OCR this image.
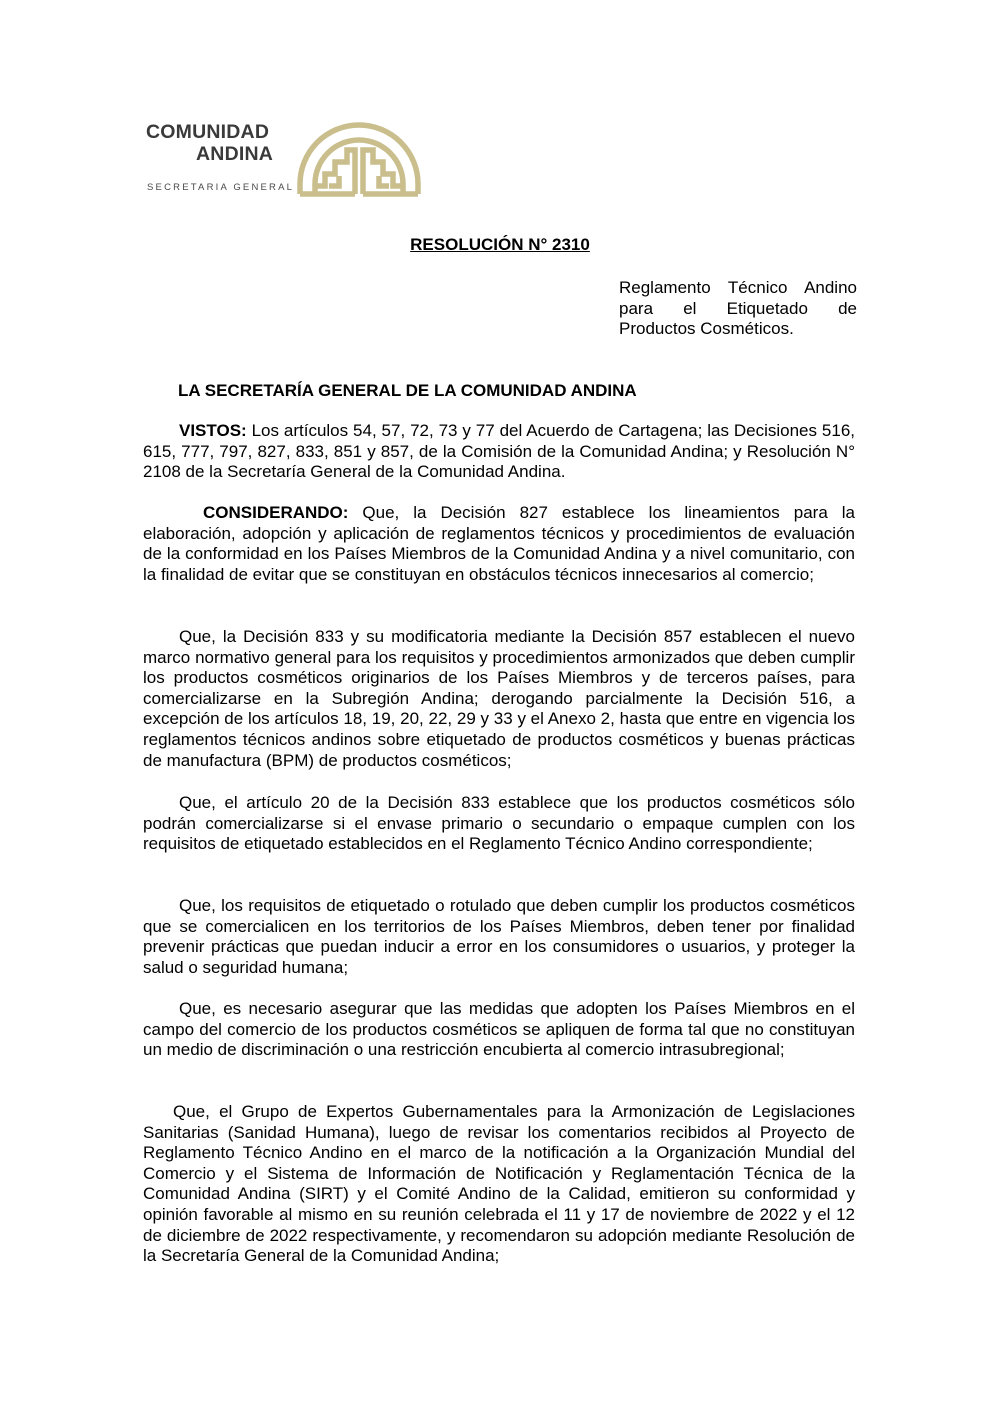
COMUNIDAD
ANDINA
SECRETARIA GENERAL
RESOLUCIÓN N° 2310
Reglamento Técnico Andino
para el Etiquetado de
Productos Cosméticos.
LA SECRETARÍA GENERAL DE LA COMUNIDAD ANDINA

VISTOS: Los artículos 54, 57, 72, 73 y 77 del Acuerdo de Cartagena; las Decisiones 516, 615, 777, 797, 827, 833, 851 y 857, de la Comisión de la Comunidad Andina; y Resolución N° 2108 de la Secretaría General de la Comunidad Andina.

CONSIDERANDO: Que, la Decisión 827 establece los lineamientos para la elaboración, adopción y aplicación de reglamentos técnicos y procedimientos de evaluación de la conformidad en los Países Miembros de la Comunidad Andina y a nivel comunitario, con la finalidad de evitar que se constituyan en obstáculos técnicos innecesarios al comercio;

Que, la Decisión 833 y su modificatoria mediante la Decisión 857 establecen el nuevo marco normativo general para los requisitos y procedimientos armonizados que deben cumplir los productos cosméticos originarios de los Países Miembros y de terceros países, para comercializarse en la Subregión Andina; derogando parcialmente la Decisión 516, a excepción de los artículos 18, 19, 20, 22, 29 y 33 y el Anexo 2, hasta que entre en vigencia los reglamentos técnicos andinos sobre etiquetado de productos cosméticos y buenas prácticas de manufactura (BPM) de productos cosméticos;

Que, el artículo 20 de la Decisión 833 establece que los productos cosméticos sólo podrán comercializarse si el envase primario o secundario o empaque cumplen con los requisitos de etiquetado establecidos en el Reglamento Técnico Andino correspondiente;

Que, los requisitos de etiquetado o rotulado que deben cumplir los productos cosméticos que se comercialicen en los territorios de los Países Miembros, deben tener por finalidad prevenir prácticas que puedan inducir a error en los consumidores o usuarios, y proteger la salud o seguridad humana;

Que, es necesario asegurar que las medidas que adopten los Países Miembros en el campo del comercio de los productos cosméticos se apliquen de forma tal que no constituyan un medio de discriminación o una restricción encubierta al comercio intrasubregional;

Que, el Grupo de Expertos Gubernamentales para la Armonización de Legislaciones Sanitarias (Sanidad Humana), luego de revisar los comentarios recibidos al Proyecto de Reglamento Técnico Andino en el marco de la notificación a la Organización Mundial del Comercio y el Sistema de Información de Notificación y Reglamentación Técnica de la Comunidad Andina (SIRT) y el Comité Andino de la Calidad, emitieron su conformidad y opinión favorable al mismo en su reunión celebrada el 11 y 17 de noviembre de 2022 y el 12 de diciembre de 2022 respectivamente, y recomendaron su adopción mediante Resolución de la Secretaría General de la Comunidad Andina;
